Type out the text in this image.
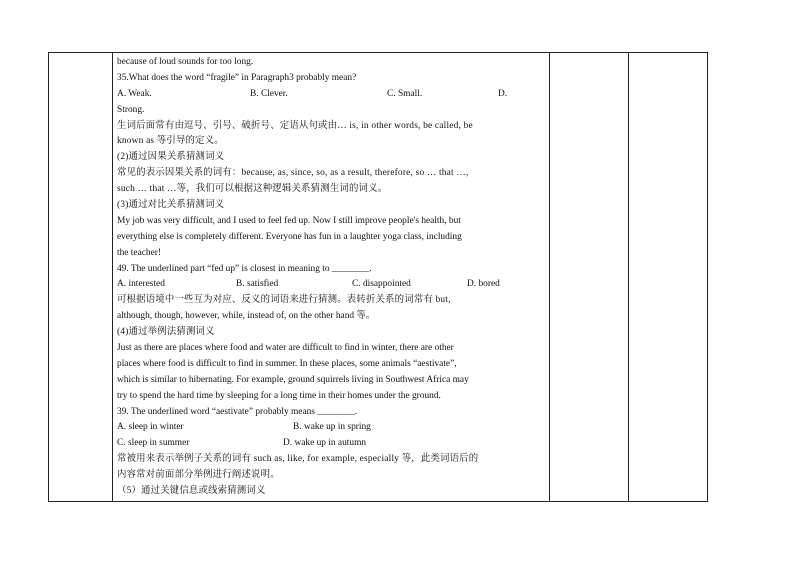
because of loud sounds for too long.
35.What does the word “fragile” in Paragraph3 probably mean?
A. Weak.	B. Clever.	C. Small.	D.
Strong.
生词后面常有由逗号、引号、破折号、定语从句或由… is, in other words, be called, be
known as 等引导的定义。
(2)通过因果关系猜测词义
常见的表示因果关系的词有：because, as, since, so, as a result, therefore, so … that …,
such … that …等，我们可以根据这种逻辑关系猜测生词的词义。
(3)通过对比关系猜测词义
My job was very difficult, and I used to feel fed up. Now I still improve people's health, but
everything else is completely different. Everyone has fun in a laughter yoga class, including
the teacher!
49. The underlined part “fed up” is closest in meaning to ________.
A. interested	B. satisfied	C. disappointed	D. bored
可根据语境中一些互为对应、反义的词语来进行猜测。表转折关系的词常有 but,
although, though, however, while, instead of, on the other hand 等。
(4)通过举例法猜测词义
Just as there are places where food and water are difficult to find in winter, there are other
places where food is difficult to find in summer. In these places, some animals “aestivate”,
which is similar to hibernating. For example, ground squirrels living in Southwest Africa may
try to spend the hard time by sleeping for a long time in their homes under the ground.
39. The underlined word “aestivate” probably means ________.
A. sleep in winter	B. wake up in spring
C. sleep in summer	D. wake up in autumn
常被用来表示举例子关系的词有 such as, like, for example, especially 等，此类词语后的
内容常对前面部分举例进行阐述说明。
（5）通过关键信息或线索猜测词义
